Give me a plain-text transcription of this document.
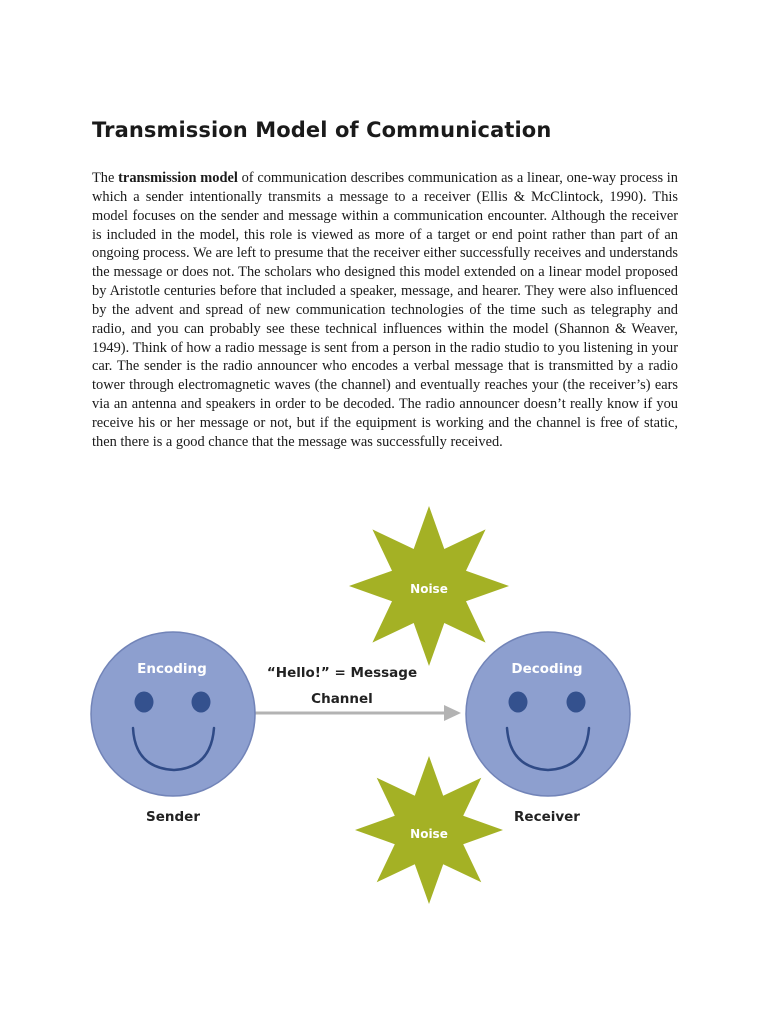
Transmission Model of Communication

The transmission model of communication describes communication as a linear, one-way process in which a sender intentionally transmits a message to a receiver (Ellis & McClintock, 1990). This model focuses on the sender and message within a communication encounter. Although the receiver is included in the model, this role is viewed as more of a target or end point rather than part of an ongoing process. We are left to presume that the receiver either successfully receives and understands the message or does not. The scholars who designed this model extended on a linear model proposed by Aristotle centuries before that included a speaker, message, and hearer. They were also influenced by the advent and spread of new communication technologies of the time such as telegraphy and radio, and you can probably see these technical influences within the model (Shannon & Weaver, 1949). Think of how a radio message is sent from a person in the radio studio to you listening in your car. The sender is the radio announcer who encodes a verbal message that is transmitted by a radio tower through electromagnetic waves (the channel) and eventually reaches your (the receiver’s) ears via an antenna and speakers in order to be decoded. The radio announcer doesn’t really know if you receive his or her message or not, but if the equipment is working and the channel is free of static, then there is a good chance that the message was successfully received.

Noise
Noise
Encoding	Decoding
“Hello!” = Message
Channel
Sender	Receiver
